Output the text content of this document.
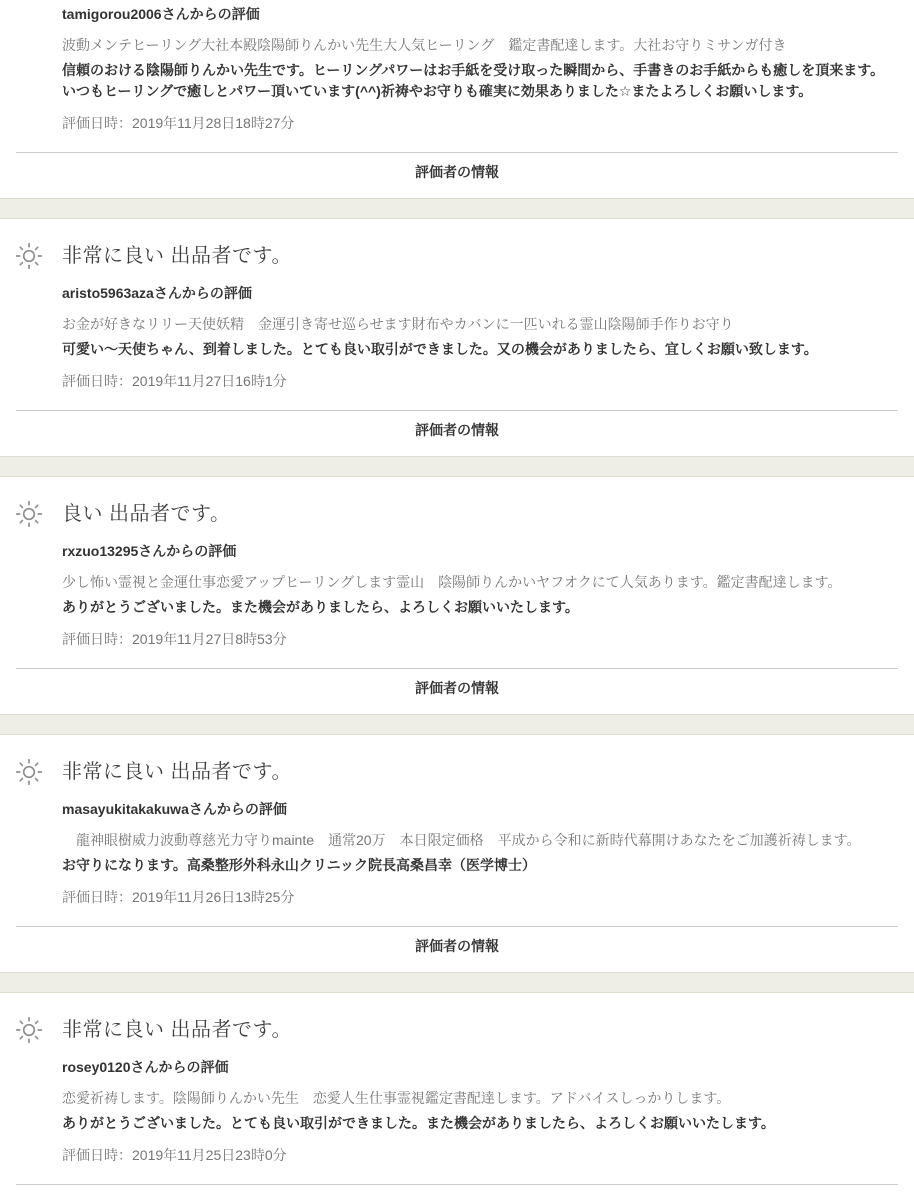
tamigorou2006さんからの評価

波動メンテヒーリング大社本殿陰陽師りんかい先生大人気ヒーリング　鑑定書配達します。大社お守りミサンガ付き

信頼のおける陰陽師りんかい先生です。ヒーリングパワーはお手紙を受け取った瞬間から、手書きのお手紙からも癒しを頂来ます。いつもヒーリングで癒しとパワー頂いています(^^)祈祷やお守りも確実に効果ありました☆またよろしくお願いします。

評価日時：2019年11月28日18時27分

評価者の情報
非常に良い 出品者です。

aristo5963azaさんからの評価

お金が好きなリリー天使妖精　金運引き寄せ巡らせます財布やカバンに一匹いれる霊山陰陽師手作りお守り

可愛い〜天使ちゃん、到着しました。とても良い取引ができました。又の機会がありましたら、宜しくお願い致します。

評価日時：2019年11月27日16時1分

評価者の情報
良い 出品者です。

rxzuo13295さんからの評価

少し怖い霊視と金運仕事恋愛アップヒーリングします霊山　陰陽師りんかいヤフオクにて人気あります。鑑定書配達します。

ありがとうございました。また機会がありましたら、よろしくお願いいたします。

評価日時：2019年11月27日8時53分

評価者の情報
非常に良い 出品者です。

masayukitakakuwaさんからの評価

　龍神眼樹威力波動尊慈光力守りmainte　通常20万　本日限定価格　平成から令和に新時代幕開けあなたをご加護祈祷します。

お守りになります。高桑整形外科永山クリニック院長高桑昌幸（医学博士）

評価日時：2019年11月26日13時25分

評価者の情報
非常に良い 出品者です。

rosey0120さんからの評価

恋愛祈祷します。陰陽師りんかい先生　恋愛人生仕事霊視鑑定書配達します。アドバイスしっかりします。

ありがとうございました。とても良い取引ができました。また機会がありましたら、よろしくお願いいたします。

評価日時：2019年11月25日23時0分
